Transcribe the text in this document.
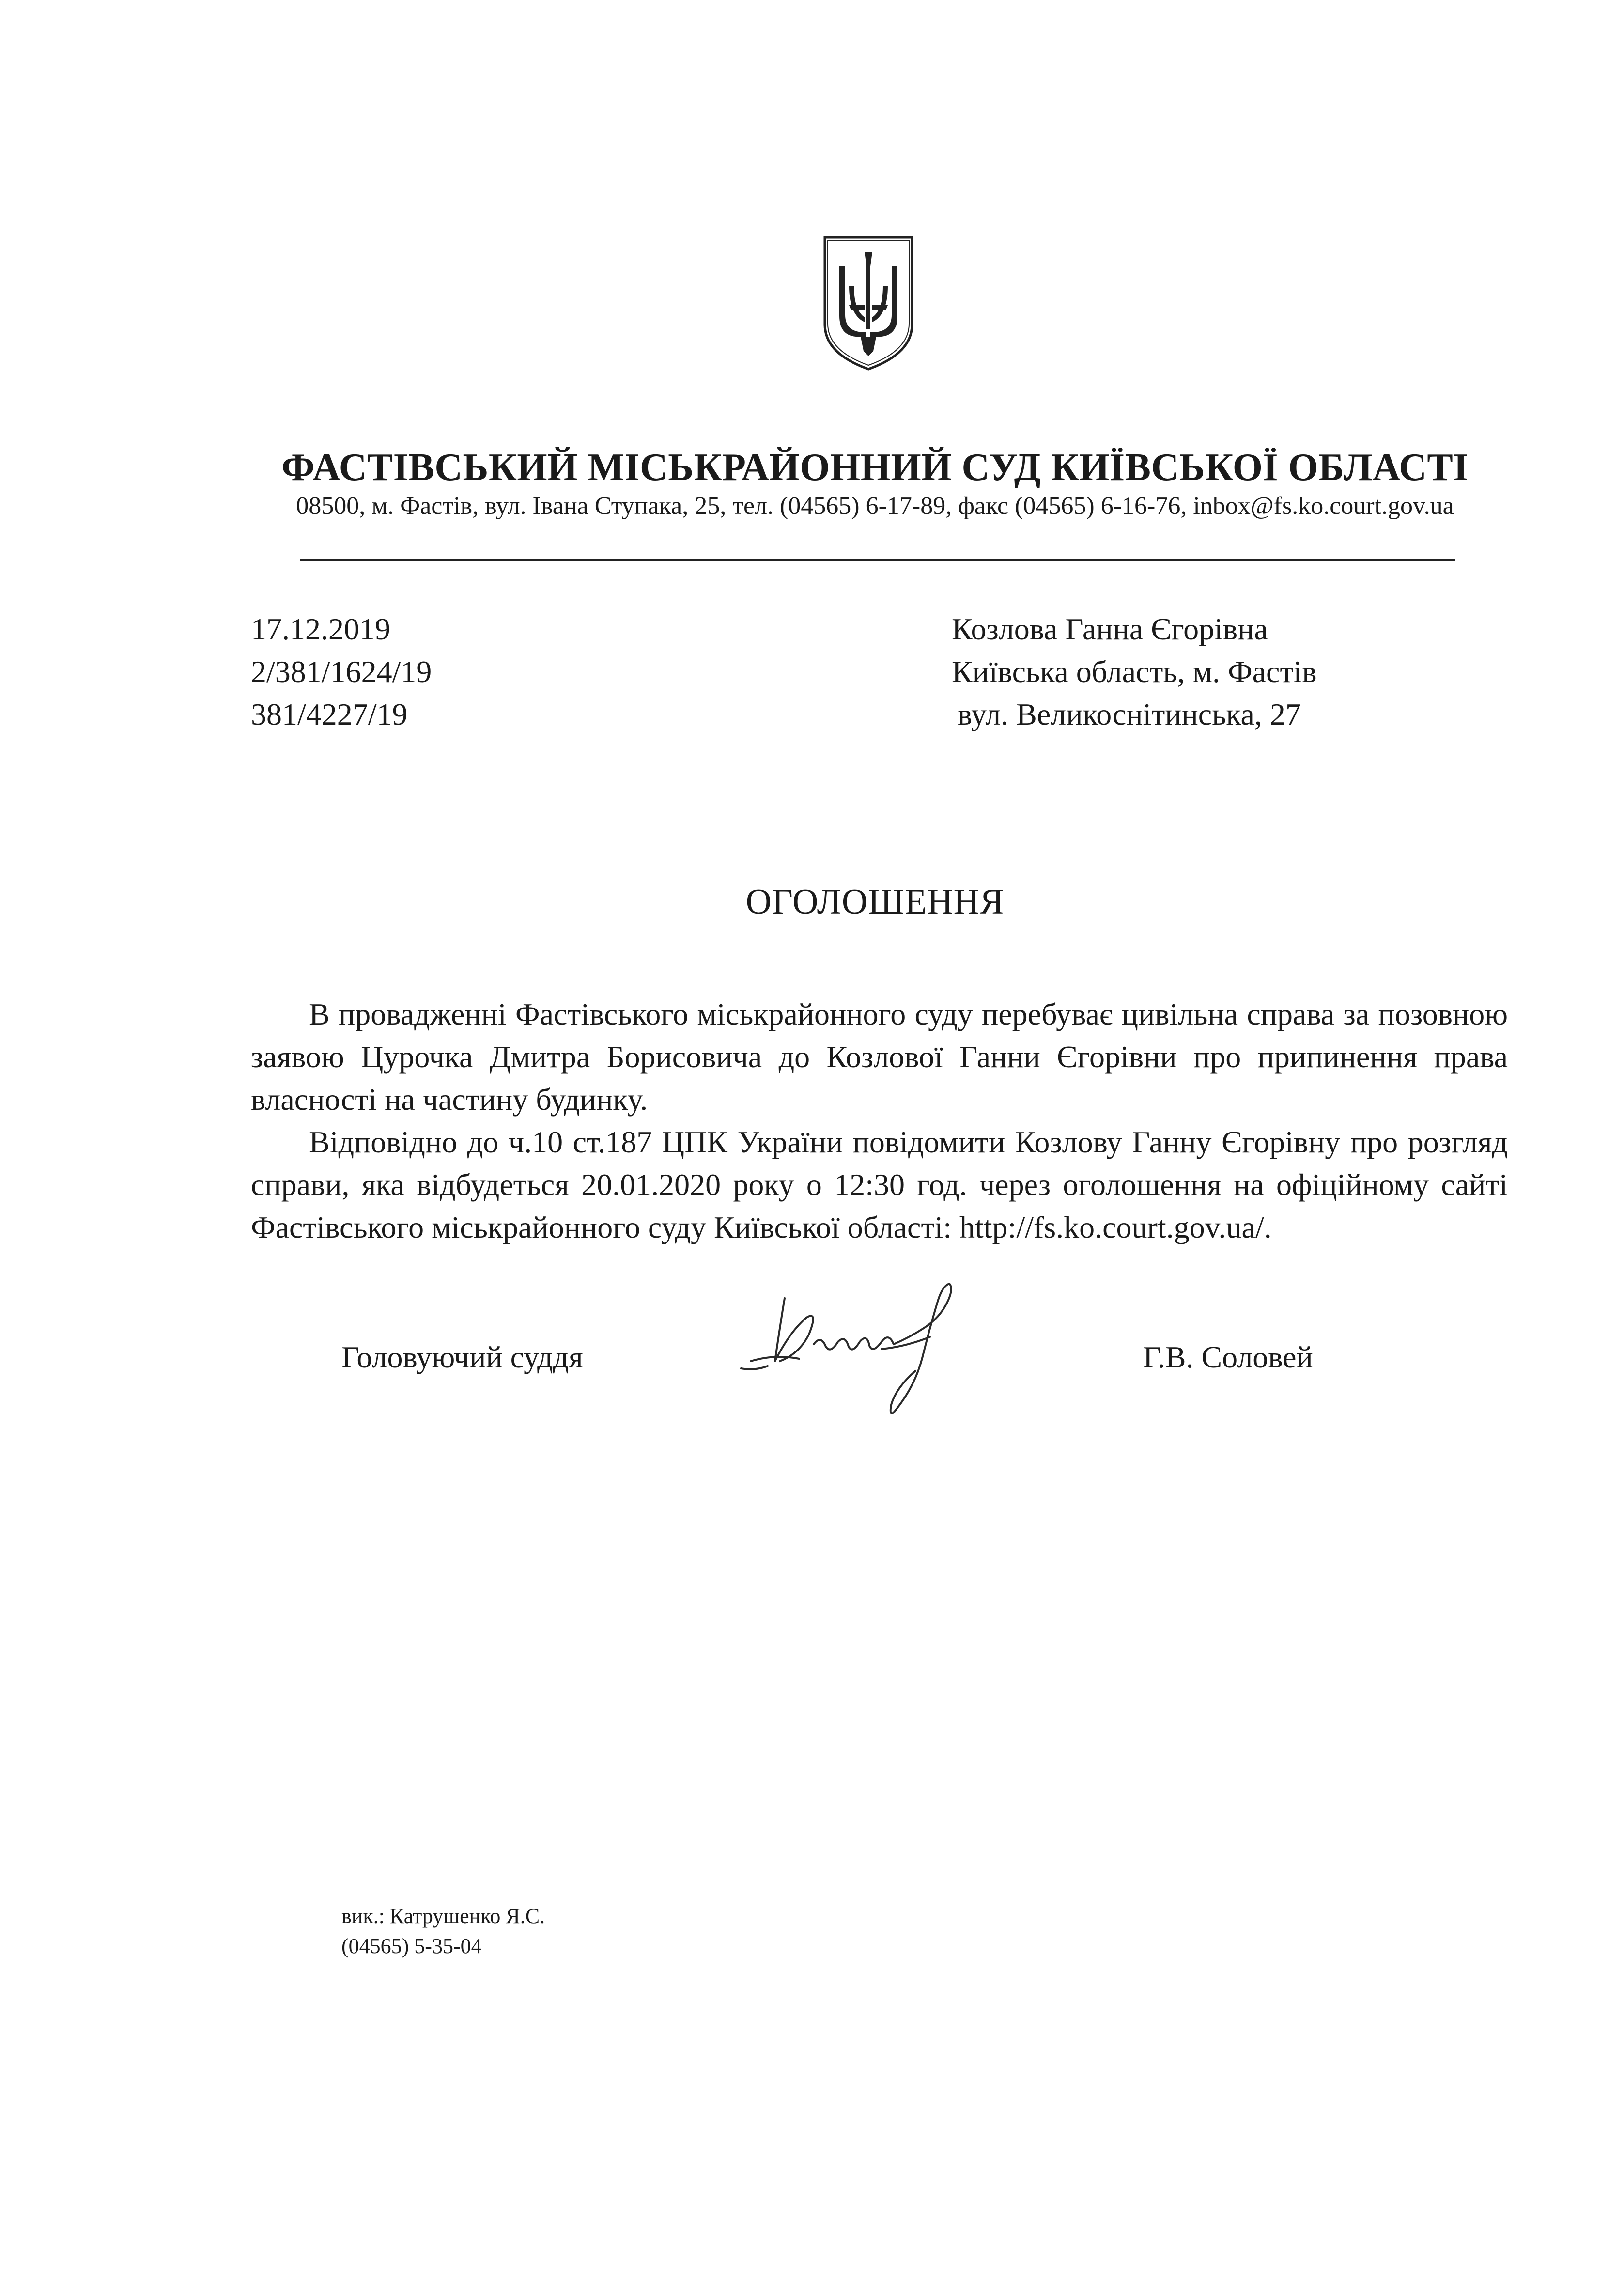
ФАСТІВСЬКИЙ МІСЬКРАЙОННИЙ СУД КИЇВСЬКОЇ ОБЛАСТІ
08500, м. Фастів, вул. Івана Ступака, 25, тел. (04565) 6-17-89, факс (04565) 6-16-76, inbox@fs.ko.court.gov.ua
17.12.2019
2/381/1624/19
381/4227/19
Козлова Ганна Єгорівна
Київська область, м. Фастів
вул. Великоснітинська, 27
ОГОЛОШЕННЯ

В провадженні Фастівського міськрайонного суду перебуває цивільна справа за позовною заявою Цурочка Дмитра Борисовича до Козлової Ганни Єгорівни про припинення права власності на частину будинку.

Відповідно до ч.10 ст.187 ЦПК України повідомити Козлову Ганну Єгорівну про розгляд справи, яка відбудеться 20.01.2020 року о 12:30 год. через оголошення на офіційному сайті Фастівського міськрайонного суду Київської області: http://fs.ko.court.gov.ua/.

Головуючий суддя	Г.В. Соловей
вик.: Катрушенко Я.С.
(04565) 5-35-04
